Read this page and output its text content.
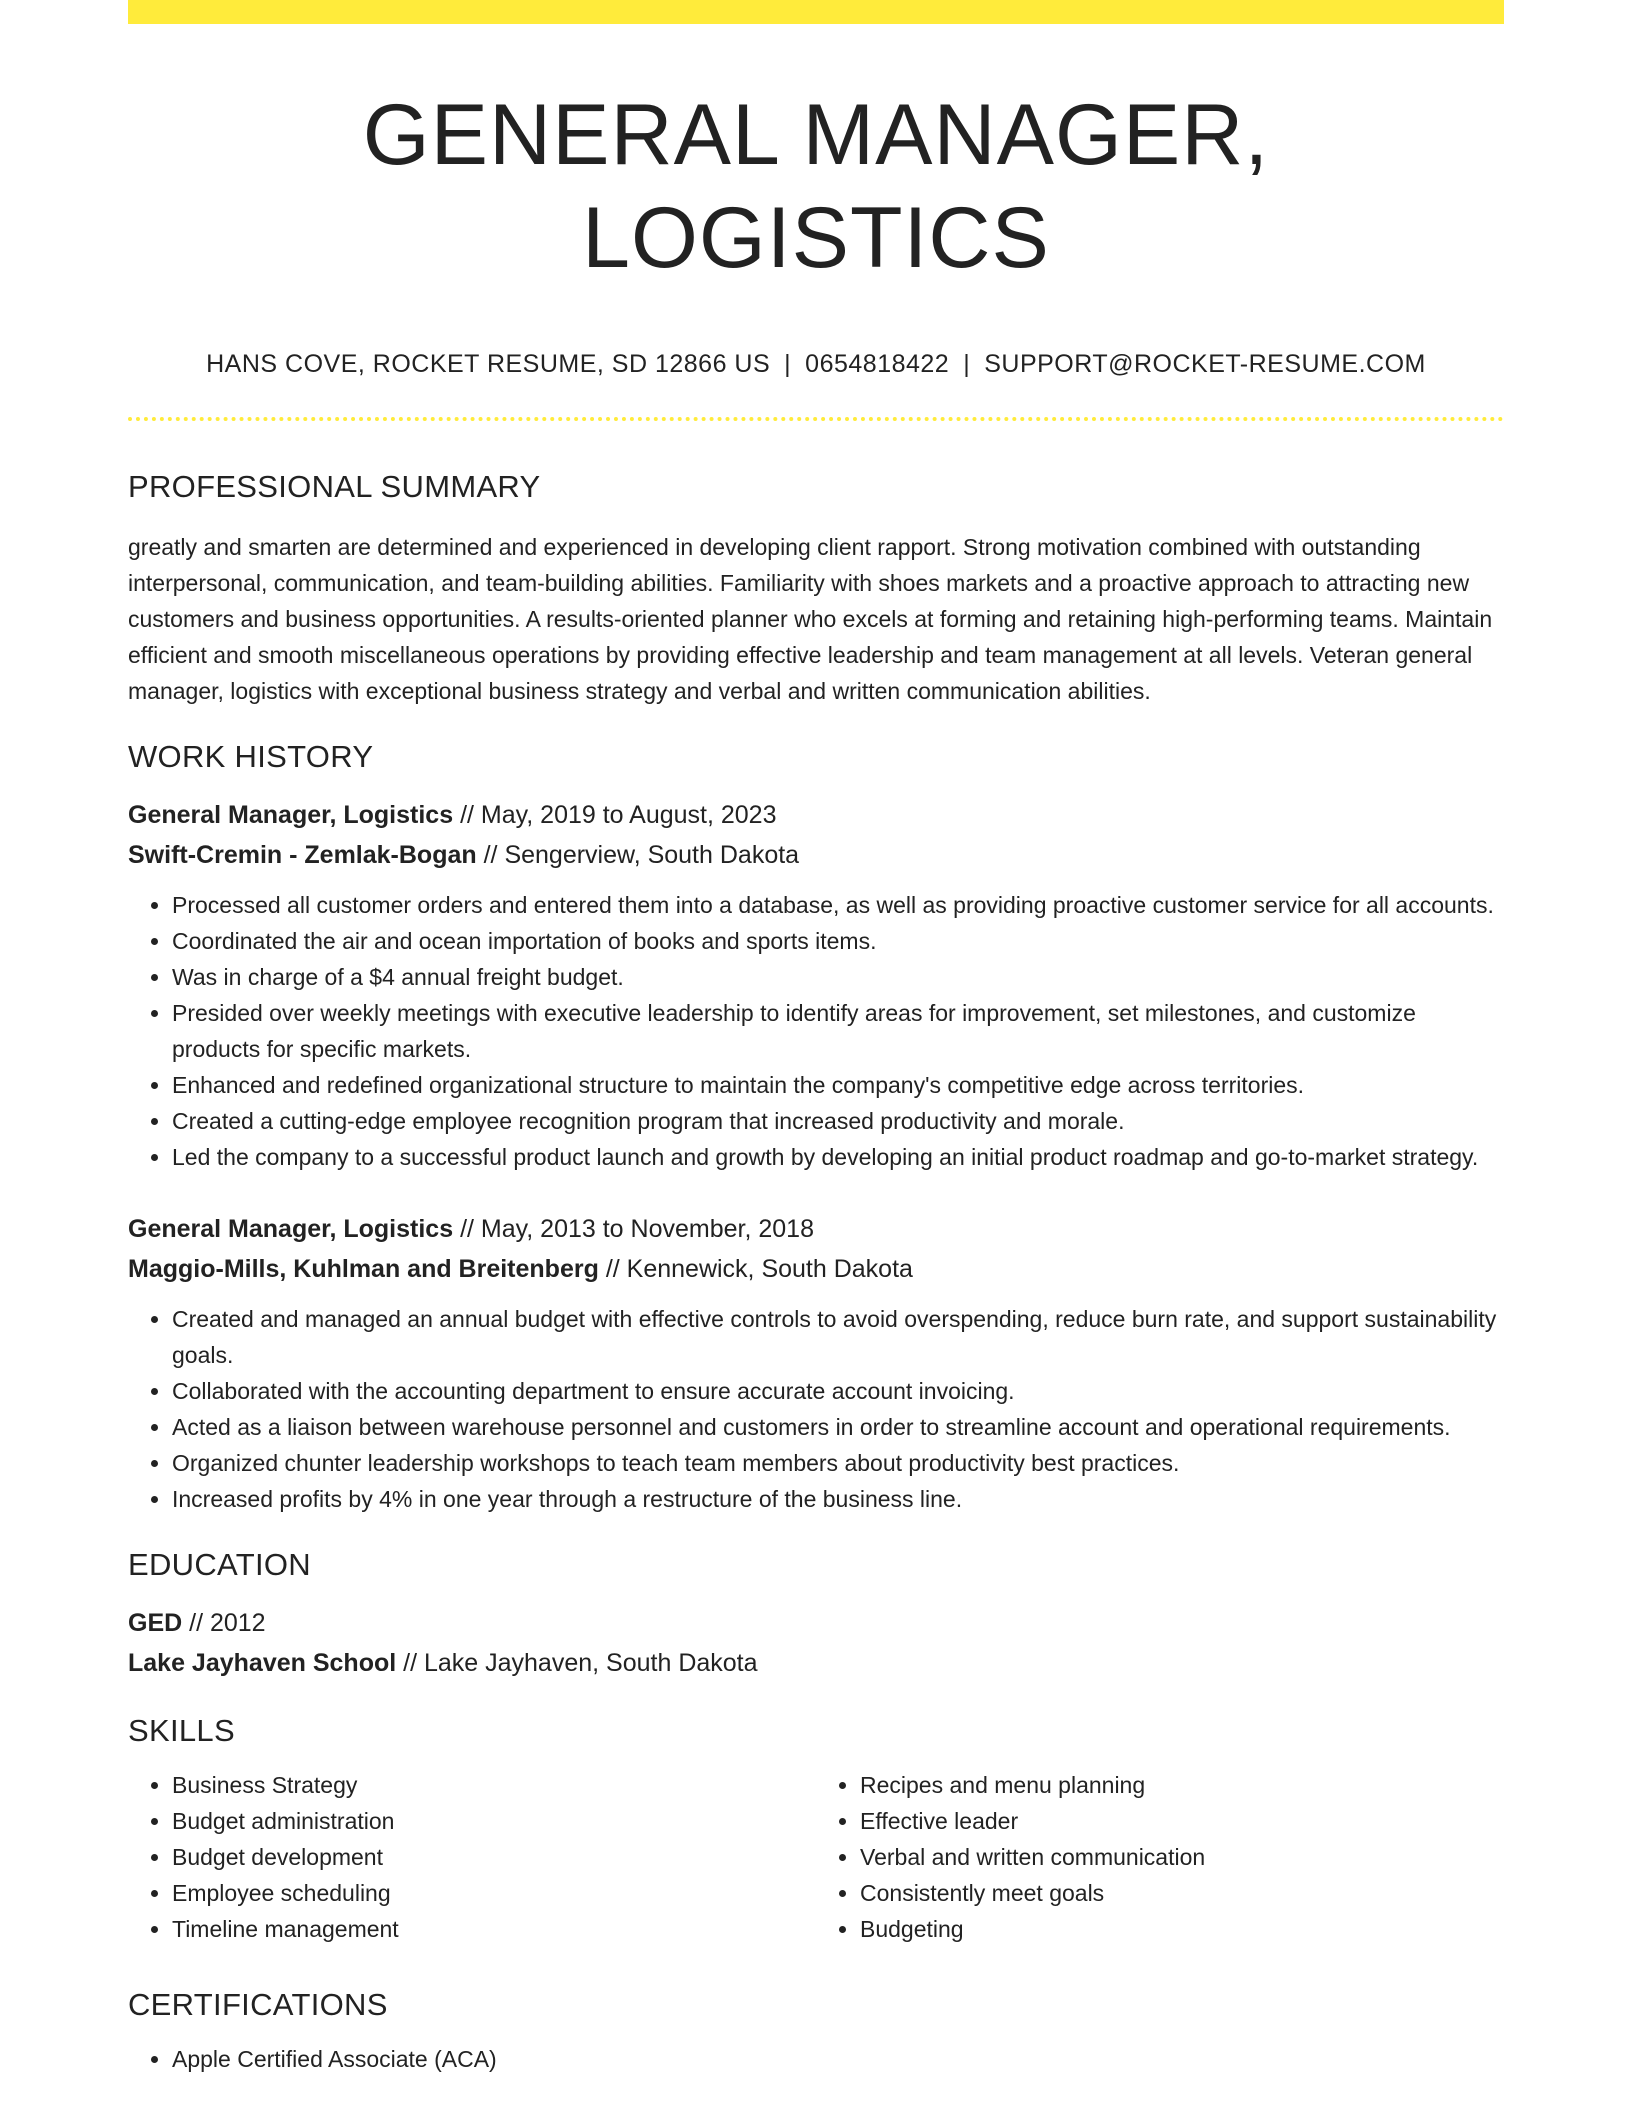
GENERAL MANAGER, LOGISTICS
HANS COVE, ROCKET RESUME, SD 12866 US | 0654818422 | SUPPORT@ROCKET-RESUME.COM
PROFESSIONAL SUMMARY

greatly and smarten are determined and experienced in developing client rapport. Strong motivation combined with outstanding interpersonal, communication, and team-building abilities. Familiarity with shoes markets and a proactive approach to attracting new customers and business opportunities. A results-oriented planner who excels at forming and retaining high-performing teams. Maintain efficient and smooth miscellaneous operations by providing effective leadership and team management at all levels. Veteran general manager, logistics with exceptional business strategy and verbal and written communication abilities.

WORK HISTORY
General Manager, Logistics // May, 2019 to August, 2023
Swift-Cremin - Zemlak-Bogan // Sengerview, South Dakota
• Processed all customer orders and entered them into a database, as well as providing proactive customer service for all accounts.
• Coordinated the air and ocean importation of books and sports items.
• Was in charge of a $4 annual freight budget.
• Presided over weekly meetings with executive leadership to identify areas for improvement, set milestones, and customize products for specific markets.
• Enhanced and redefined organizational structure to maintain the company's competitive edge across territories.
• Created a cutting-edge employee recognition program that increased productivity and morale.
• Led the company to a successful product launch and growth by developing an initial product roadmap and go-to-market strategy.
General Manager, Logistics // May, 2013 to November, 2018
Maggio-Mills, Kuhlman and Breitenberg // Kennewick, South Dakota
• Created and managed an annual budget with effective controls to avoid overspending, reduce burn rate, and support sustainability goals.
• Collaborated with the accounting department to ensure accurate account invoicing.
• Acted as a liaison between warehouse personnel and customers in order to streamline account and operational requirements.
• Organized chunter leadership workshops to teach team members about productivity best practices.
• Increased profits by 4% in one year through a restructure of the business line.
EDUCATION
GED // 2012
Lake Jayhaven School // Lake Jayhaven, South Dakota
SKILLS
• Business Strategy
• Budget administration
• Budget development
• Employee scheduling
• Timeline management
• Recipes and menu planning
• Effective leader
• Verbal and written communication
• Consistently meet goals
• Budgeting
CERTIFICATIONS
• Apple Certified Associate (ACA)
